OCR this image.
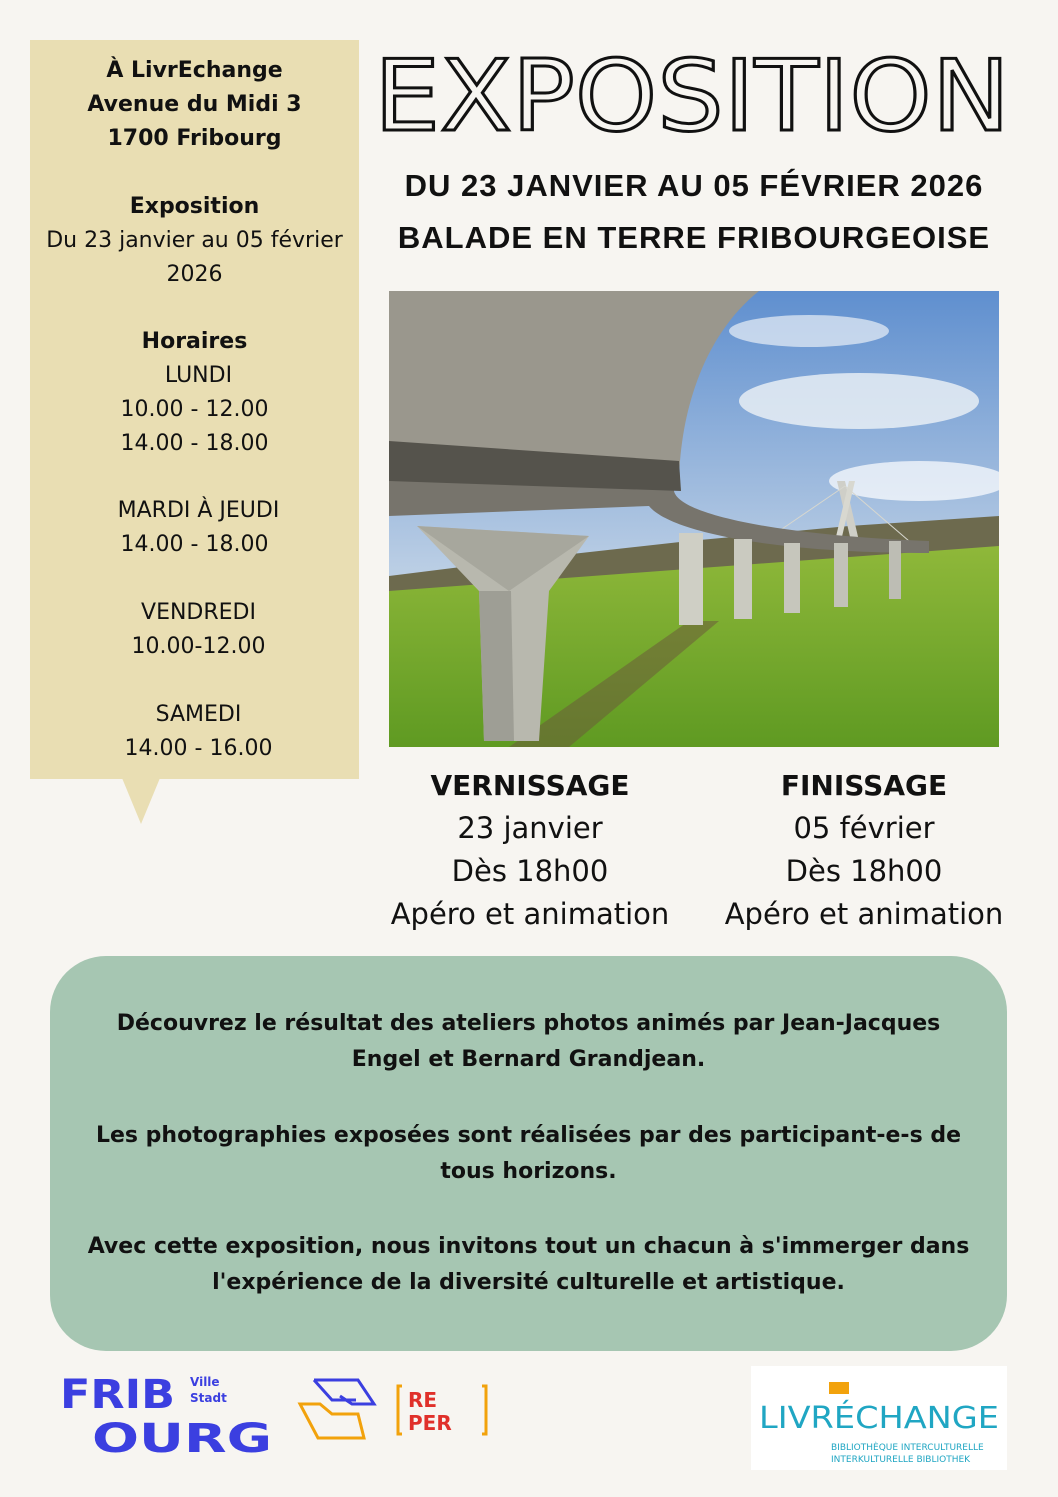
À LivrEchange
Avenue du Midi 3
1700 Fribourg
Exposition
Du 23 janvier au 05 février
2026
Horaires
LUNDI
10.00 - 12.00
14.00 - 18.00
MARDI À JEUDI
14.00 - 18.00
VENDREDI
10.00-12.00
SAMEDI
14.00 - 16.00
EXPOSITION
DU 23 JANVIER AU 05 FÉVRIER 2026
BALADE EN TERRE FRIBOURGEOISE
VERNISSAGE
23 janvier
Dès 18h00
Apéro et animation
FINISSAGE
05 février
Dès 18h00
Apéro et animation
Découvrez le résultat des ateliers photos animés par Jean-Jacques
Engel et Bernard Grandjean.
Les photographies exposées sont réalisées par des participant-e-s de
tous horizons.
Avec cette exposition, nous invitons tout un chacun à s'immerger dans
l'expérience de la diversité culturelle et artistique.
FRIB
OURG
Ville
Stadt	RE
PER	LIVRÉCHANGE
BIBLIOTHÈQUE INTERCULTURELLE
INTERKULTURELLE BIBLIOTHEK
